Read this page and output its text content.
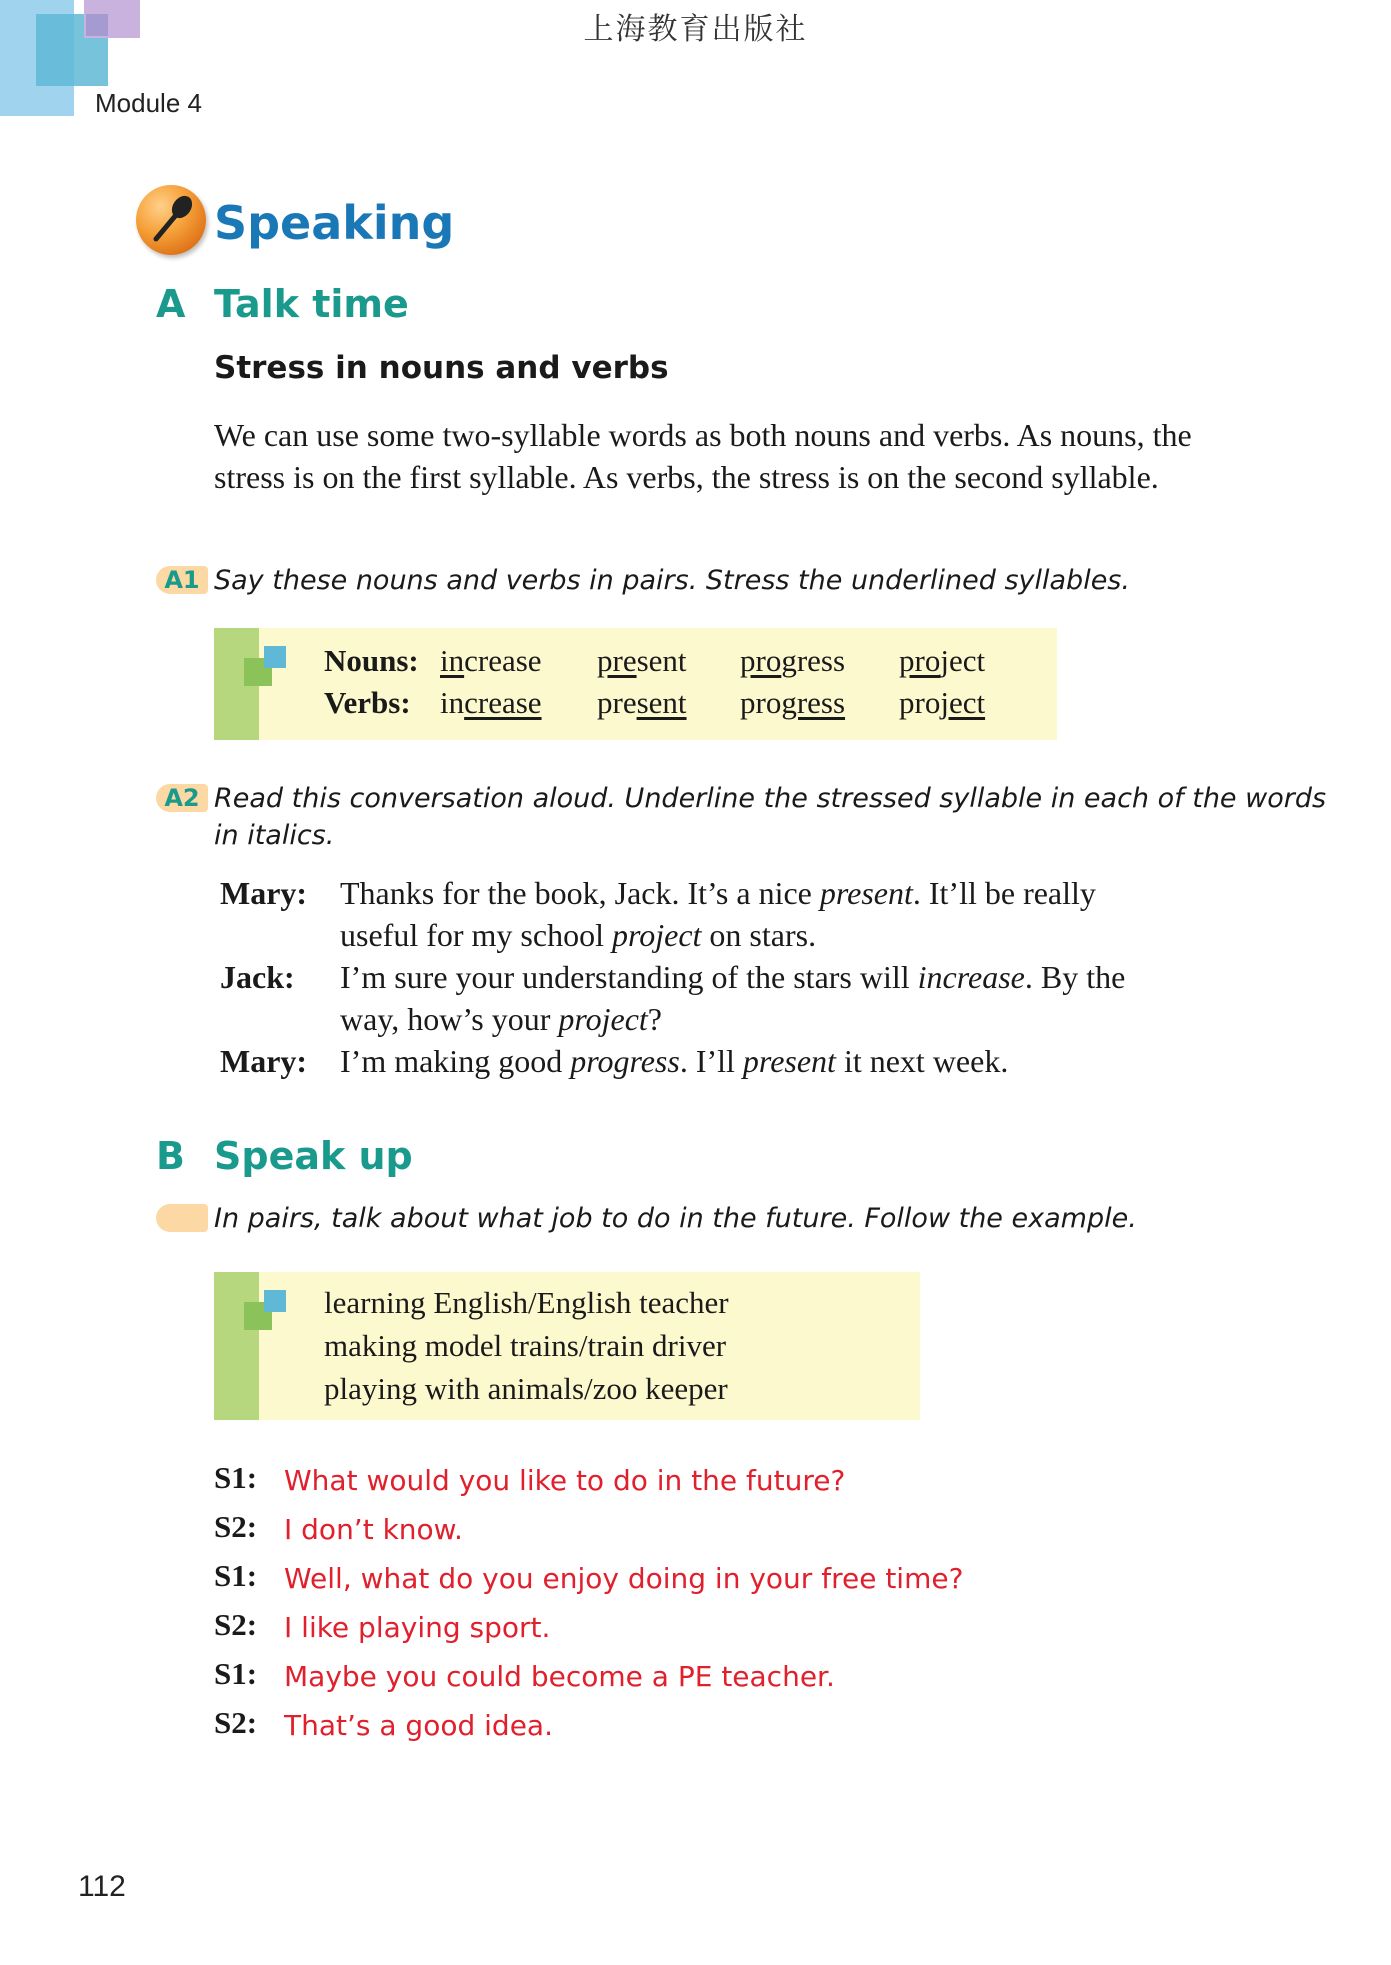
上海教育出版社
Module 4
Speaking
A Talk time
Stress in nouns and verbs
We can use some two-syllable words as both nouns and verbs. As nouns, the stress is on the first syllable. As verbs, the stress is on the second syllable.
A1 Say these nouns and verbs in pairs. Stress the underlined syllables.
Nouns:
Verbs:
increase present progress project
increase present progress project
A2 Read this conversation aloud. Underline the stressed syllable in each of the words
in italics.
Mary: Thanks for the book, Jack. It’s a nice present. It’ll be really
useful for my school project on stars.
Jack: I’m sure your understanding of the stars will increase. By the
way, how’s your project?
Mary: I’m making good progress. I’ll present it next week.
B Speak up
In pairs, talk about what job to do in the future. Follow the example.
learning English/English teacher
making model trains/train driver
playing with animals/zoo keeper
S1: What would you like to do in the future?
S2: I don’t know.
S1: Well, what do you enjoy doing in your free time?
S2: I like playing sport.
S1: Maybe you could become a PE teacher.
S2: That’s a good idea.
112
